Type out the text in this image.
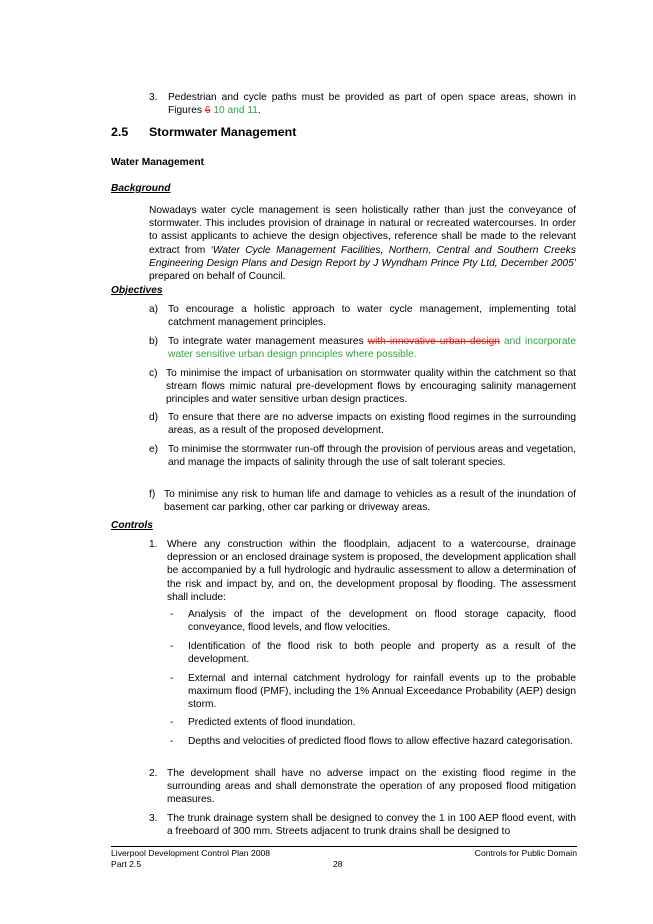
3. Pedestrian and cycle paths must be provided as part of open space areas, shown in Figures 6 10 and 11.
2.5 Stormwater Management
Water Management
Background
Nowadays water cycle management is seen holistically rather than just the conveyance of stormwater. This includes provision of drainage in natural or recreated watercourses. In order to assist applicants to achieve the design objectives, reference shall be made to the relevant extract from ‘Water Cycle Management Facilities, Northern, Central and Southern Creeks Engineering Design Plans and Design Report by J Wyndham Prince Pty Ltd, December 2005’ prepared on behalf of Council.
Objectives
a) To encourage a holistic approach to water cycle management, implementing total catchment management principles.
b) To integrate water management measures with innovative urban design and incorporate water sensitive urban design principles where possible.
c) To minimise the impact of urbanisation on stormwater quality within the catchment so that stream flows mimic natural pre-development flows by encouraging salinity management principles and water sensitive urban design practices.
d) To ensure that there are no adverse impacts on existing flood regimes in the surrounding areas, as a result of the proposed development.
e) To minimise the stormwater run-off through the provision of pervious areas and vegetation, and manage the impacts of salinity through the use of salt tolerant species.
f) To minimise any risk to human life and damage to vehicles as a result of the inundation of basement car parking, other car parking or driveway areas.
Controls
1. Where any construction within the floodplain, adjacent to a watercourse, drainage depression or an enclosed drainage system is proposed, the development application shall be accompanied by a full hydrologic and hydraulic assessment to allow a determination of the risk and impact by, and on, the development proposal by flooding. The assessment shall include:
- Analysis of the impact of the development on flood storage capacity, flood conveyance, flood levels, and flow velocities.
- Identification of the flood risk to both people and property as a result of the development.
- External and internal catchment hydrology for rainfall events up to the probable maximum flood (PMF), including the 1% Annual Exceedance Probability (AEP) design storm.
- Predicted extents of flood inundation.
- Depths and velocities of predicted flood flows to allow effective hazard categorisation.
2. The development shall have no adverse impact on the existing flood regime in the surrounding areas and shall demonstrate the operation of any proposed flood mitigation measures.
3. The trunk drainage system shall be designed to convey the 1 in 100 AEP flood event, with a freeboard of 300 mm. Streets adjacent to trunk drains shall be designed to
Liverpool Development Control Plan 2008
Part 2.5	28
Controls for Public Domain
